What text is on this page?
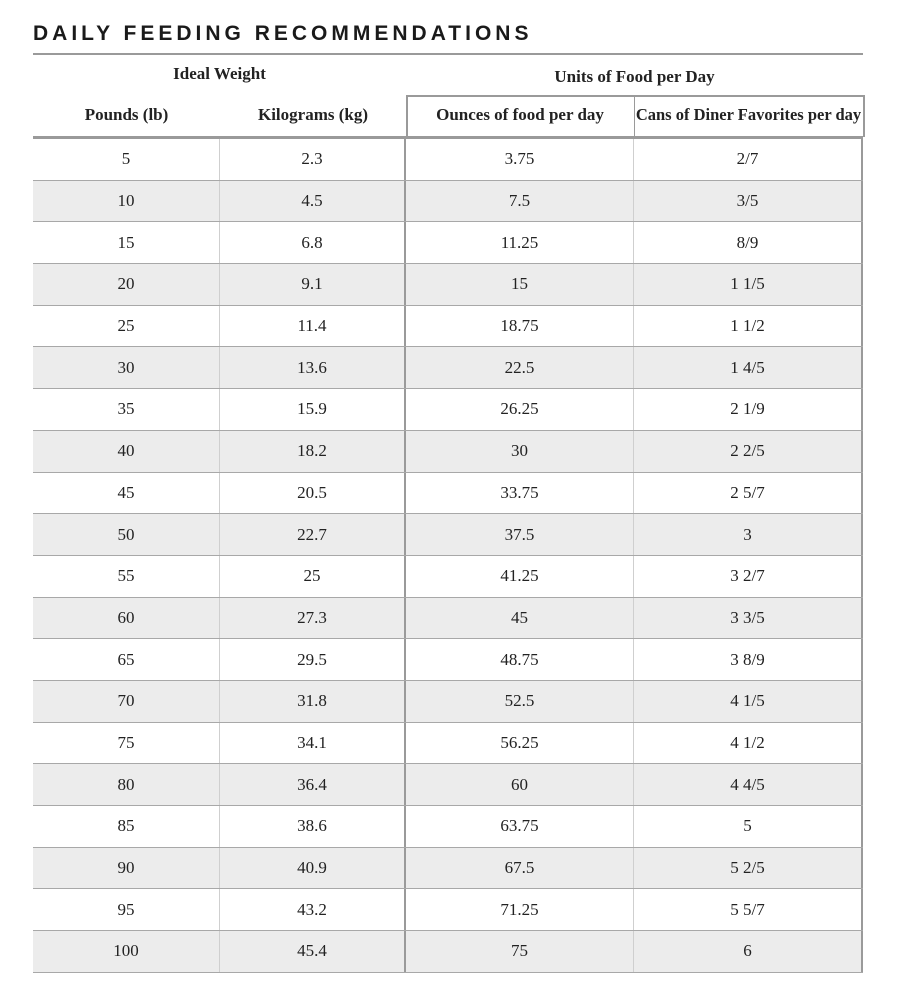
DAILY FEEDING RECOMMENDATIONS
Ideal Weight	Units of Food per Day
Pounds (lb)	Kilograms (kg)	Ounces of food per day	Cans of Diner Favorites per day
5	2.3	3.75	2/7
10	4.5	7.5	3/5
15	6.8	11.25	8/9
20	9.1	15	1 1/5
25	11.4	18.75	1 1/2
30	13.6	22.5	1 4/5
35	15.9	26.25	2 1/9
40	18.2	30	2 2/5
45	20.5	33.75	2 5/7
50	22.7	37.5	3
55	25	41.25	3 2/7
60	27.3	45	3 3/5
65	29.5	48.75	3 8/9
70	31.8	52.5	4 1/5
75	34.1	56.25	4 1/2
80	36.4	60	4 4/5
85	38.6	63.75	5
90	40.9	67.5	5 2/5
95	43.2	71.25	5 5/7
100	45.4	75	6
